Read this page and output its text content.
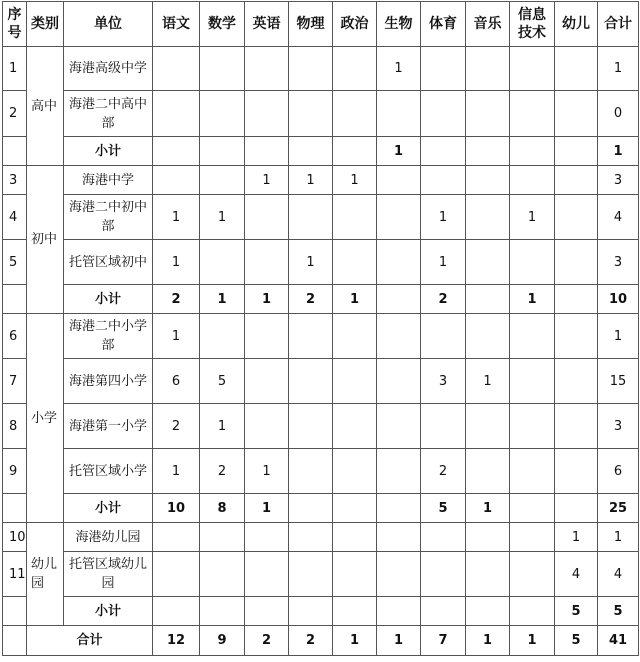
序号	类别	单位	语文	数学	英语	物理	政治	生物	体育	音乐	信息技术	幼儿	合计
1	高中	海港高级中学						1					1
2		海港二中高中部											0
		小计						1					1
3	初中	海港中学			1	1	1						3
4		海港二中初中部	1	1					1		1		4
5		托管区域初中	1			1			1				3
		小计	2	1	1	2	1		2		1		10
6	小学	海港二中小学部	1										1
7		海港第四小学	6	5					3	1			15
8		海港第一小学	2	1									3
9		托管区域小学	1	2	1				2				6
		小计	10	8	1				5	1			25
10	幼儿园	海港幼儿园										1	1
11		托管区域幼儿园										4	4
		小计										5	5
	合计		12	9	2	2	1	1	7	1	1	5	41
